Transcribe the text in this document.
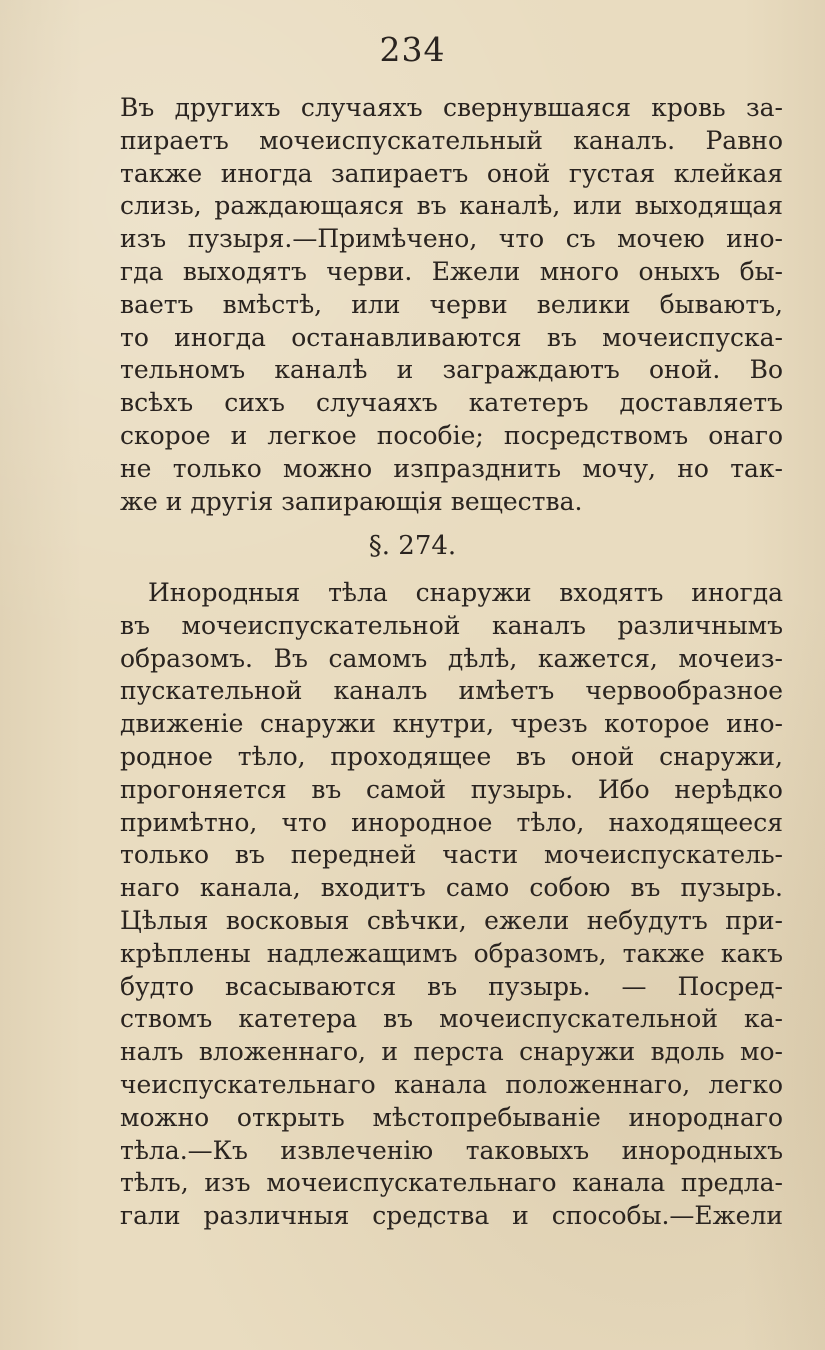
234
Въ другихъ случаяхъ свернувшаяся кровь за-
пираетъ мочеиспускательный каналъ. Равно
также иногда запираетъ оной густая клейкая
слизь, раждающаяся въ каналѣ, или выходящая
изъ пузыря.—Примѣчено, что съ мочею ино-
гда выходятъ черви. Ежели много оныхъ бы-
ваетъ вмѣстѣ, или черви велики бываютъ,
то иногда останавливаются въ мочеиспуска-
тельномъ каналѣ и заграждаютъ оной. Во
всѣхъ сихъ случаяхъ катетеръ доставляетъ
скорое и легкое пособіе; посредствомъ онаго
не только можно изпразднить мочу, но так-
же и другія запирающія вещества.
§. 274.
Инородныя тѣла снаружи входятъ иногда
въ мочеиспускательной каналъ различнымъ
образомъ. Въ самомъ дѣлѣ, кажется, мочеиз-
пускательной каналъ имѣетъ червообразное
движеніе снаружи кнутри, чрезъ которое ино-
родное тѣло, проходящее въ оной снаружи,
прогоняется въ самой пузырь. Ибо нерѣдко
примѣтно, что инородное тѣло, находящееся
только въ передней части мочеиспускатель-
наго канала, входитъ само собою въ пузырь.
Цѣлыя восковыя свѣчки, ежели небудутъ при-
крѣплены надлежащимъ образомъ, также какъ
будто всасываются въ пузырь. — Посред-
ствомъ катетера въ мочеиспускательной ка-
налъ вложеннаго, и перста снаружи вдоль мо-
чеиспускательнаго канала положеннаго, легко
можно открыть мѣстопребываніе инороднаго
тѣла.—Къ извлеченію таковыхъ инородныхъ
тѣлъ, изъ мочеиспускательнаго канала предла-
гали различныя средства и способы.—Ежели
